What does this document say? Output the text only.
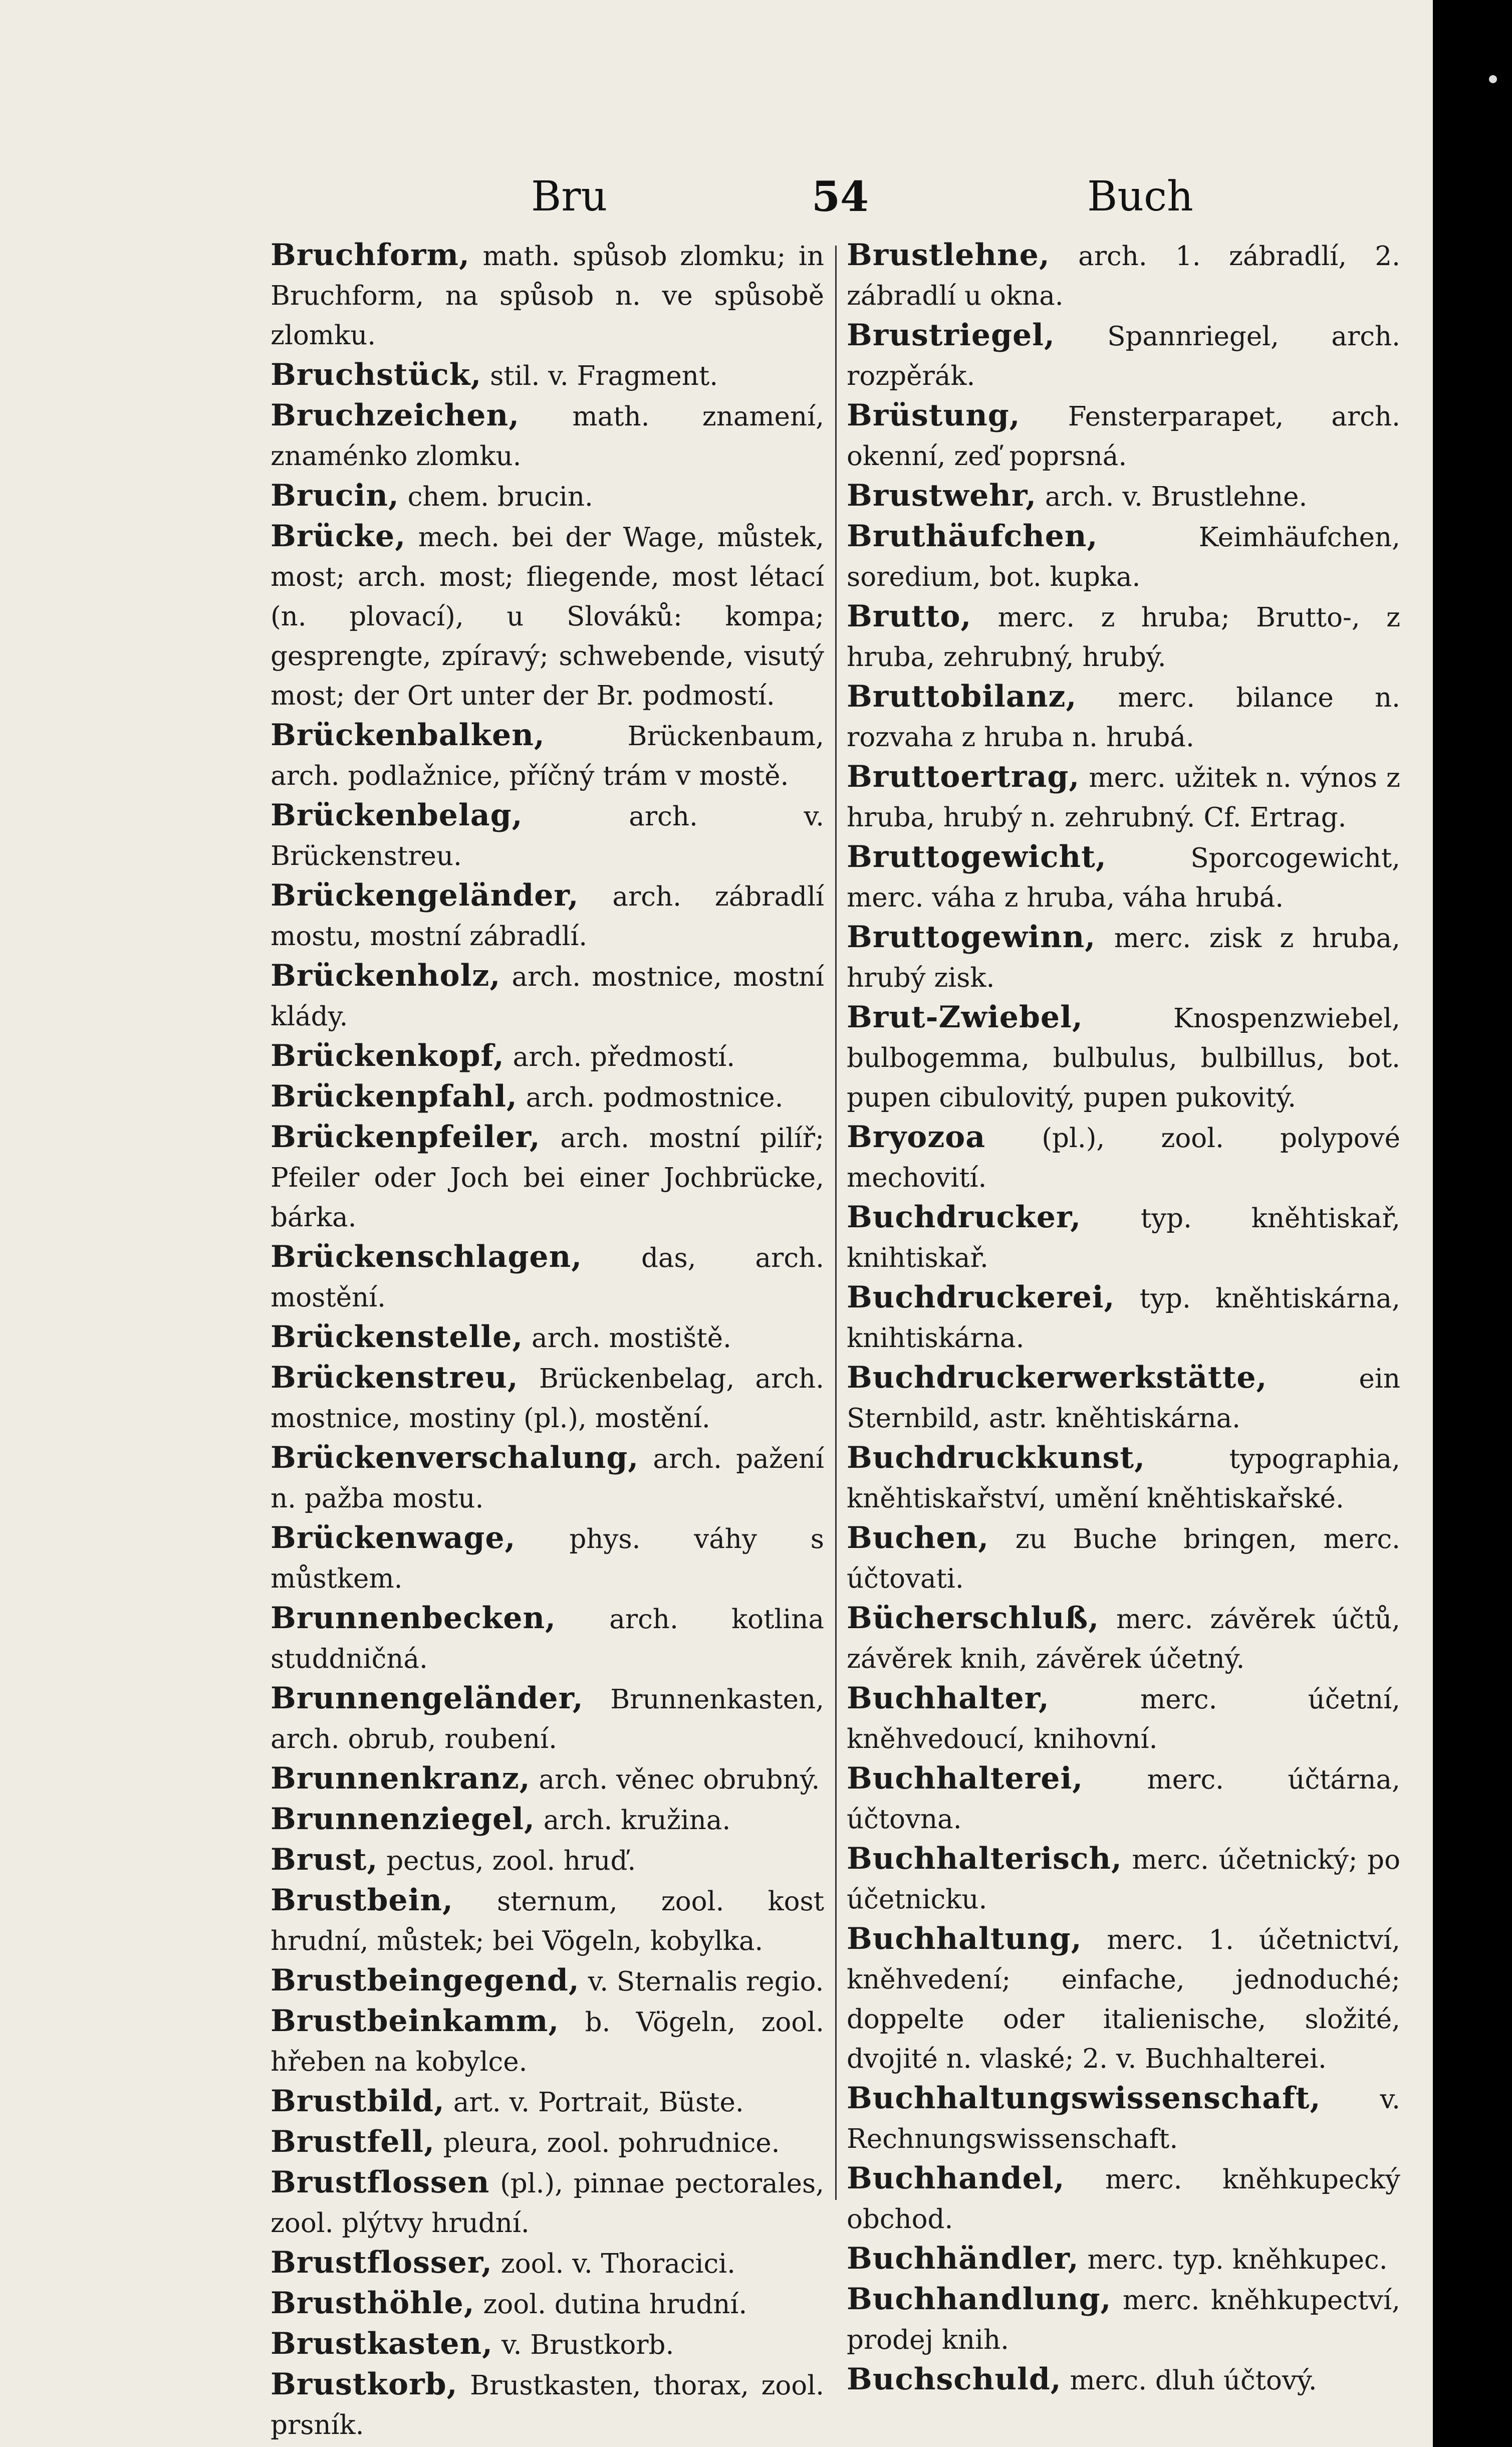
Bru	54	Buch
Bruchform, math. spůsob zlomku; in Bruchform, na spůsob n. ve spůsobě zlomku.
Bruchstück, stil. v. Fragment.
Bruchzeichen, math. znamení, znaménko zlomku.
Brucin, chem. brucin.
Brücke, mech. bei der Wage, můstek, most; arch. most; fliegende, most létací (n. plovací), u Slováků: kompa; gesprengte, zpíravý; schwebende, visutý most; der Ort unter der Br. podmostí.
Brückenbalken,	Brückenbaum, arch. podlažnice, příčný trám v mostě.
Brückenbelag,	arch. v. Brückenstreu.
Brückengeländer, arch. zábradlí mostu, mostní zábradlí.
Brückenholz, arch. mostnice, mostní klády.
Brückenkopf, arch. předmostí.
Brückenpfahl, arch. podmostnice.
Brückenpfeiler, arch. mostní pilíř; Pfeiler oder Joch bei einer Jochbrücke, bárka.
Brückenschlagen, das, arch. mostění.
Brückenstelle, arch. mostiště.
Brückenstreu, Brückenbelag, arch. mostnice, mostiny (pl.), mostění.
Brückenverschalung, arch. pažení n. pažba mostu.
Brückenwage, phys. váhy s můstkem.
Brunnenbecken, arch. kotlina studdničná.
Brunnengeländer, Brunnenkasten, arch. obrub, roubení.
Brunnenkranz, arch. věnec obrubný.
Brunnenziegel, arch. kružina.
Brust, pectus, zool. hruď.
Brustbein, sternum, zool. kost hrudní, můstek; bei Vögeln, kobylka.
Brustbeingegend, v. Sternalis regio.
Brustbeinkamm, b. Vögeln, zool. hřeben na kobylce.
Brustbild, art. v. Portrait, Büste.
Brustfell, pleura, zool. pohrudnice.
Brustflossen (pl.), pinnae pectorales, zool. plýtvy hrudní.
Brustflosser, zool. v. Thoracici.
Brusthöhle, zool. dutina hrudní.
Brustkasten, v. Brustkorb.
Brustkorb, Brustkasten, thorax, zool. prsník.
Brustlehne, arch. 1. zábradlí, 2. zábradlí u okna.
Brustriegel, Spannriegel, arch. rozpěrák.
Brüstung, Fensterparapet, arch. okenní, zeď poprsná.
Brustwehr, arch. v. Brustlehne.
Bruthäufchen,	Keimhäufchen, soredium, bot. kupka.
Brutto, merc. z hruba; Brutto-, z hruba, zehrubný, hrubý.
Bruttobilanz, merc. bilance n. rozvaha z hruba n. hrubá.
Bruttoertrag, merc. užitek n. výnos z hruba, hrubý n. zehrubný. Cf. Ertrag.
Bruttogewicht,	Sporcogewicht, merc. váha z hruba, váha hrubá.
Bruttogewinn, merc. zisk z hruba, hrubý zisk.
Brut-Zwiebel,	Knospenzwiebel, bulbogemma, bulbulus, bulbillus, bot. pupen cibulovitý, pupen pukovitý.
Bryozoa (pl.), zool. polypové mechovití.
Buchdrucker, typ. kněhtiskař, knihtiskař.
Buchdruckerei, typ. kněhtiskárna, knihtiskárna.
Buchdruckerwerkstätte,	ein Sternbild, astr. kněhtiskárna.
Buchdruckkunst,	typographia, kněhtiskařství, umění kněhtiskařské.
Buchen, zu Buche bringen, merc. účtovati.
Bücherschluß, merc. závěrek účtů, závěrek knih, závěrek účetný.
Buchhalter,	merc. účetní, kněhvedoucí, knihovní.
Buchhalterei, merc. účtárna, účtovna.
Buchhalterisch, merc. účetnický; po účetnicku.
Buchhaltung, merc. 1. účetnictví, kněhvedení; einfache, jednoduché; doppelte oder italienische, složité, dvojité n. vlaské; 2. v. Buchhalterei.
Buchhaltungswissenschaft, v. Rechnungswissenschaft.
Buchhandel, merc. kněhkupecký obchod.
Buchhändler, merc. typ. kněhkupec.
Buchhandlung, merc. kněhkupectví, prodej knih.
Buchschuld, merc. dluh účtový.
